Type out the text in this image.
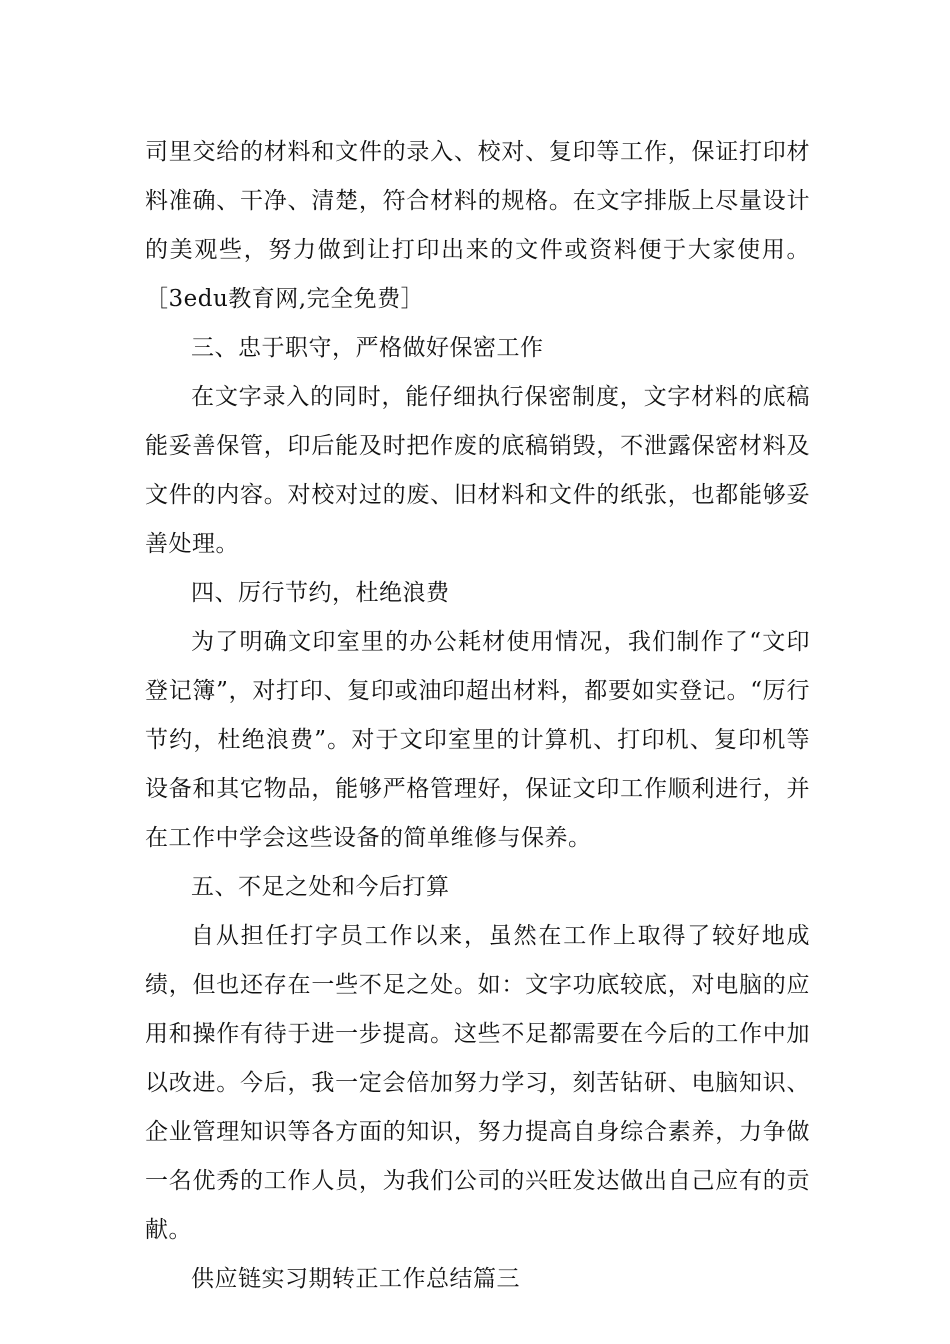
司里交给的材料和文件的录入、校对、复印等工作，保证打印材料准确、干净、清楚，符合材料的规格。在文字排版上尽量设计的美观些，努力做到让打印出来的文件或资料便于大家使用。［3edu教育网,完全免费］

三、忠于职守，严格做好保密工作

在文字录入的同时，能仔细执行保密制度，文字材料的底稿能妥善保管，印后能及时把作废的底稿销毁，不泄露保密材料及文件的内容。对校对过的废、旧材料和文件的纸张，也都能够妥善处理。

四、厉行节约，杜绝浪费

为了明确文印室里的办公耗材使用情况，我们制作了“文印登记簿”，对打印、复印或油印超出材料，都要如实登记。“厉行节约，杜绝浪费”。对于文印室里的计算机、打印机、复印机等设备和其它物品，能够严格管理好，保证文印工作顺利进行，并在工作中学会这些设备的简单维修与保养。

五、不足之处和今后打算

自从担任打字员工作以来，虽然在工作上取得了较好地成绩，但也还存在一些不足之处。如：文字功底较底，对电脑的应用和操作有待于进一步提高。这些不足都需要在今后的工作中加以改进。今后，我一定会倍加努力学习，刻苦钻研、电脑知识、企业管理知识等各方面的知识，努力提高自身综合素养，力争做一名优秀的工作人员，为我们公司的兴旺发达做出自己应有的贡献。

供应链实习期转正工作总结篇三
